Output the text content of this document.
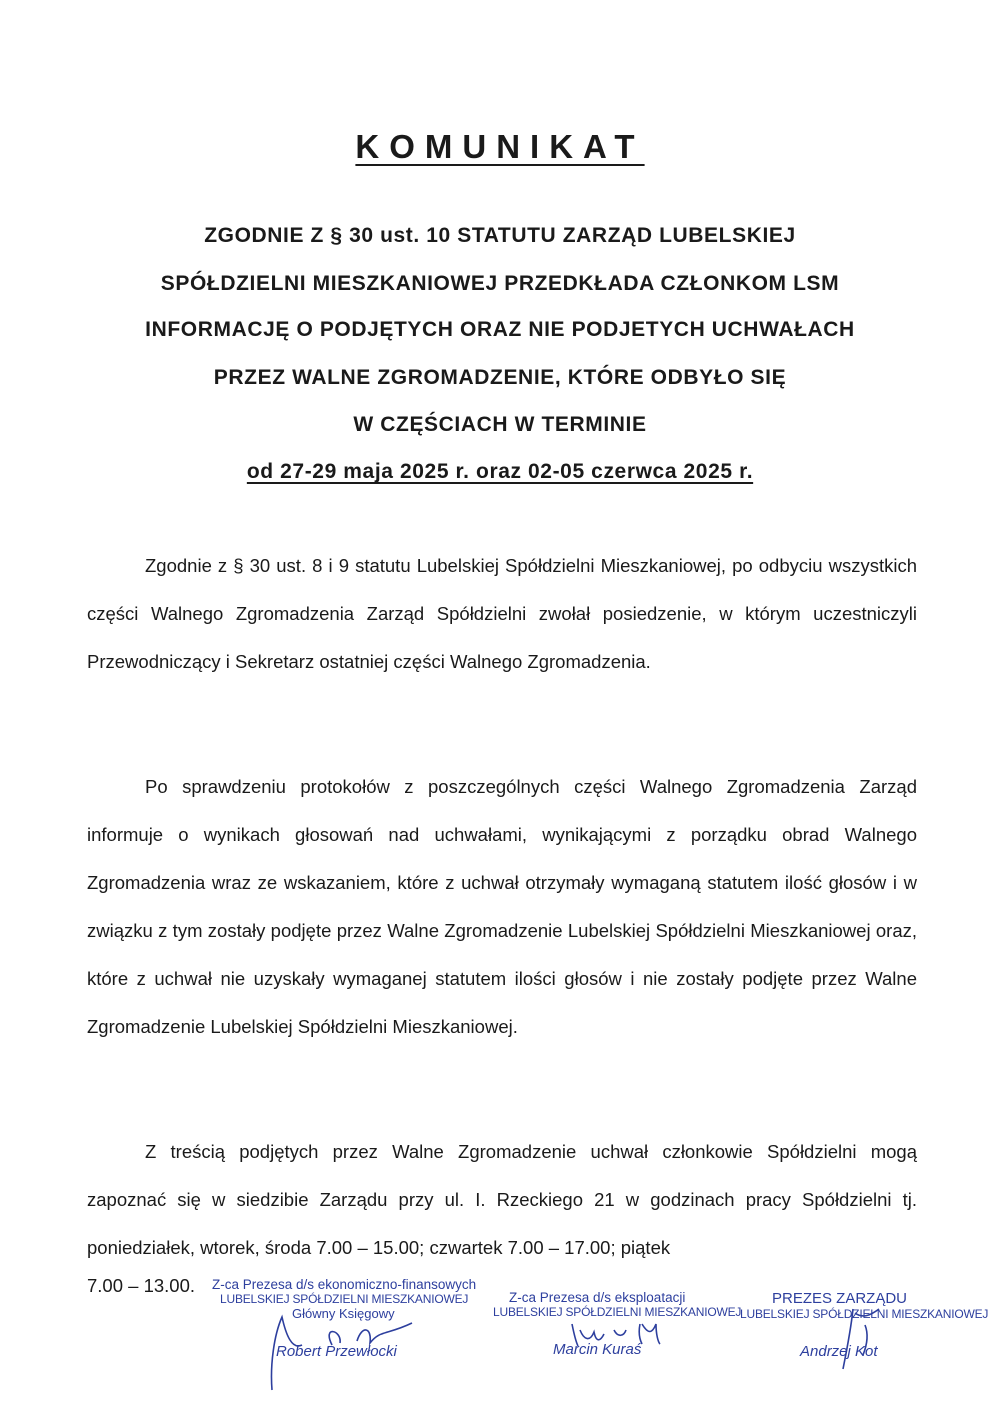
KOMUNIKAT
ZGODNIE Z § 30 ust. 10 STATUTU ZARZĄD LUBELSKIEJ
SPÓŁDZIELNI MIESZKANIOWEJ PRZEDKŁADA CZŁONKOM LSM
INFORMACJĘ O PODJĘTYCH ORAZ NIE PODJETYCH UCHWAŁACH
PRZEZ WALNE ZGROMADZENIE, KTÓRE ODBYŁO SIĘ
W CZĘŚCIACH W TERMINIE
od 27-29 maja 2025 r. oraz 02-05 czerwca 2025 r.
Zgodnie z § 30 ust. 8 i 9 statutu Lubelskiej Spółdzielni Mieszkaniowej, po odbyciu wszystkich części Walnego Zgromadzenia Zarząd Spółdzielni zwołał posiedzenie, w którym uczestniczyli Przewodniczący i Sekretarz ostatniej części Walnego Zgromadzenia.
Po sprawdzeniu protokołów z poszczególnych części Walnego Zgromadzenia Zarząd informuje o wynikach głosowań nad uchwałami, wynikającymi z porządku obrad Walnego Zgromadzenia wraz ze wskazaniem, które z uchwał otrzymały wymaganą statutem ilość głosów i w związku z tym zostały podjęte przez Walne Zgromadzenie Lubelskiej Spółdzielni Mieszkaniowej oraz, które z uchwał nie uzyskały wymaganej statutem ilości głosów i nie zostały podjęte przez Walne Zgromadzenie Lubelskiej Spółdzielni Mieszkaniowej.
Z treścią podjętych przez Walne Zgromadzenie uchwał członkowie Spółdzielni mogą zapoznać się w siedzibie Zarządu przy ul. I. Rzeckiego 21 w godzinach pracy Spółdzielni tj. poniedziałek, wtorek, środa 7.00 – 15.00; czwartek 7.00 – 17.00; piątek
7.00 – 13.00. Z-ca Prezesa d/s ekonomiczno-finansowych
LUBELSKIEJ SPÓŁDZIELNI MIESZKANIOWEJ
Główny Księgowy
Robert Przewłocki
Z-ca Prezesa d/s eksploatacji
LUBELSKIEJ SPÓŁDZIELNI MIESZKANIOWEJ
Marcin Kuraś
PREZES ZARZĄDU
LUBELSKIEJ SPÓŁDZIELNI MIESZKANIOWEJ
Andrzej Kot
